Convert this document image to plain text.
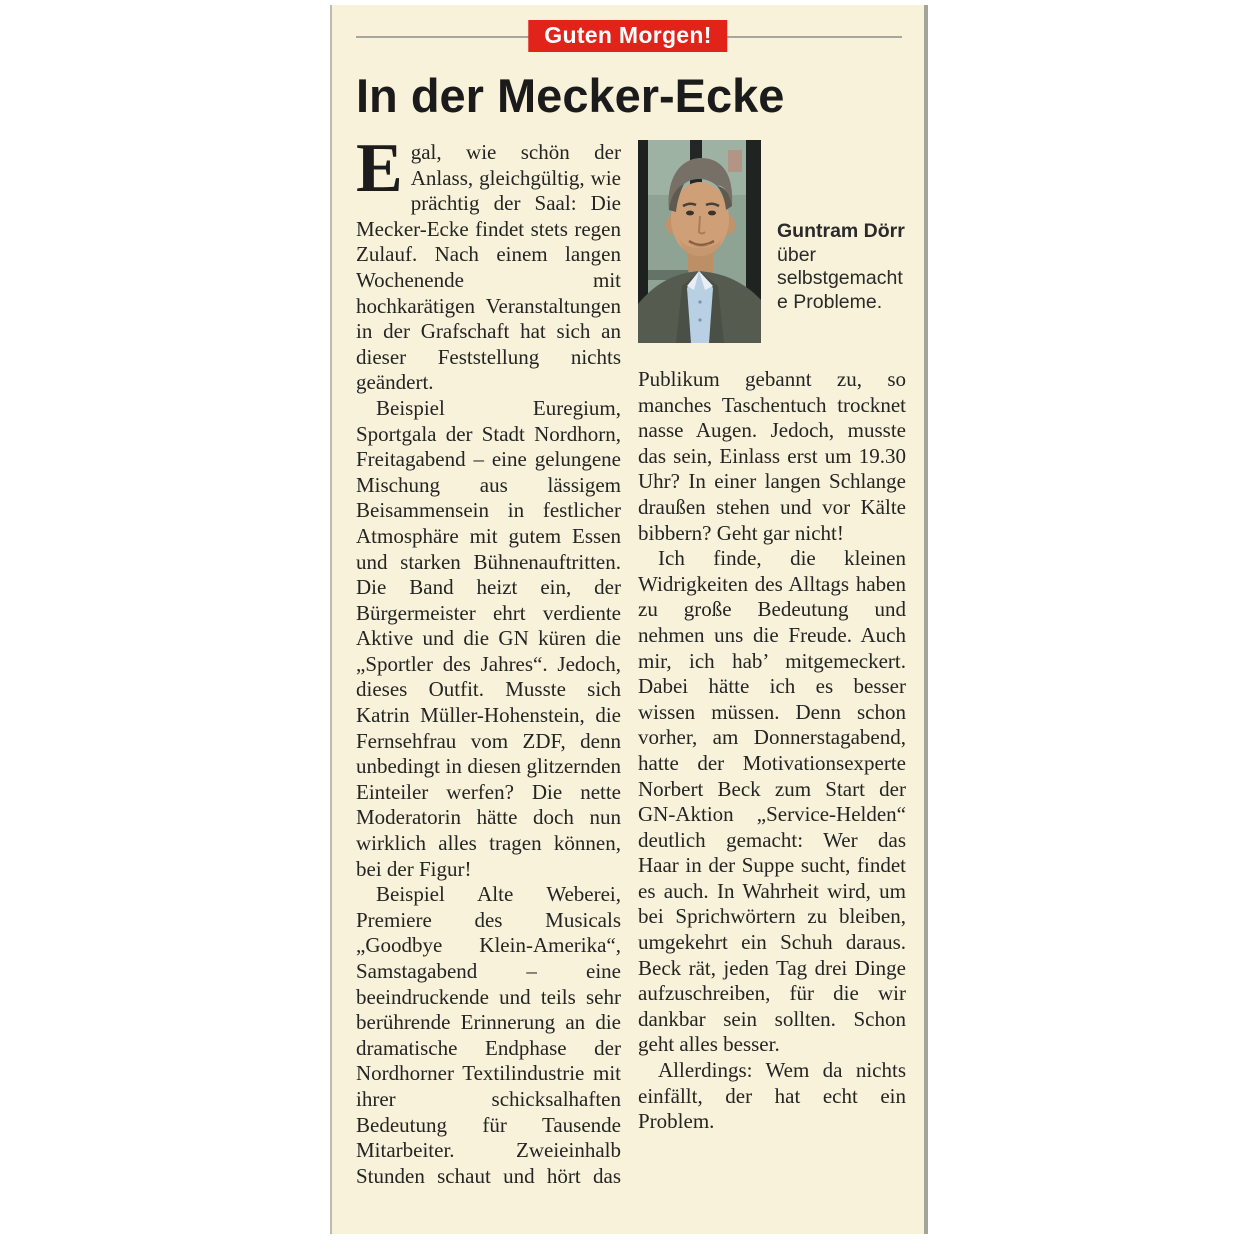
Guten Morgen!
In der Mecker-Ecke

Egal, wie schön der Anlass, gleichgültig, wie prächtig der Saal: Die Mecker-Ecke findet stets regen Zulauf. Nach einem langen Wochenende mit hochkarätigen Veranstaltungen in der Grafschaft hat sich an dieser Feststellung nichts geändert.

Beispiel Euregium, Sportgala der Stadt Nordhorn, Freitagabend – eine gelungene Mischung aus lässigem Beisammensein in festlicher Atmosphäre mit gutem Essen und starken Bühnenauftritten. Die Band heizt ein, der Bürgermeister ehrt verdiente Aktive und die GN küren die „Sportler des Jahres“. Jedoch, dieses Outfit. Musste sich Katrin Müller-Hohenstein, die Fernsehfrau vom ZDF, denn unbedingt in diesen glitzernden Einteiler werfen? Die nette Moderatorin hätte doch nun wirklich alles tragen können, bei der Figur!

Beispiel Alte Weberei, Premiere des Musicals „Goodbye Klein-Amerika“, Samstagabend – eine beeindruckende und teils sehr berührende Erinnerung an die dramatische Endphase der Nordhorner Textilindustrie mit ihrer schicksalhaften Bedeutung für Tausende Mitarbeiter. Zweieinhalb Stunden schaut und hört das

Guntram Dörr über selbstgemachte Probleme.

Publikum gebannt zu, so manches Taschentuch trocknet nasse Augen. Jedoch, musste das sein, Einlass erst um 19.30 Uhr? In einer langen Schlange draußen stehen und vor Kälte bibbern? Geht gar nicht!

Ich finde, die kleinen Widrigkeiten des Alltags haben zu große Bedeutung und nehmen uns die Freude. Auch mir, ich hab’ mitgemeckert. Dabei hätte ich es besser wissen müssen. Denn schon vorher, am Donnerstagabend, hatte der Motivationsexperte Norbert Beck zum Start der GN-Aktion „Service-Helden“ deutlich gemacht: Wer das Haar in der Suppe sucht, findet es auch. In Wahrheit wird, um bei Sprichwörtern zu bleiben, umgekehrt ein Schuh daraus. Beck rät, jeden Tag drei Dinge aufzuschreiben, für die wir dankbar sein sollten. Schon geht alles besser.

Allerdings: Wem da nichts einfällt, der hat echt ein Problem.
